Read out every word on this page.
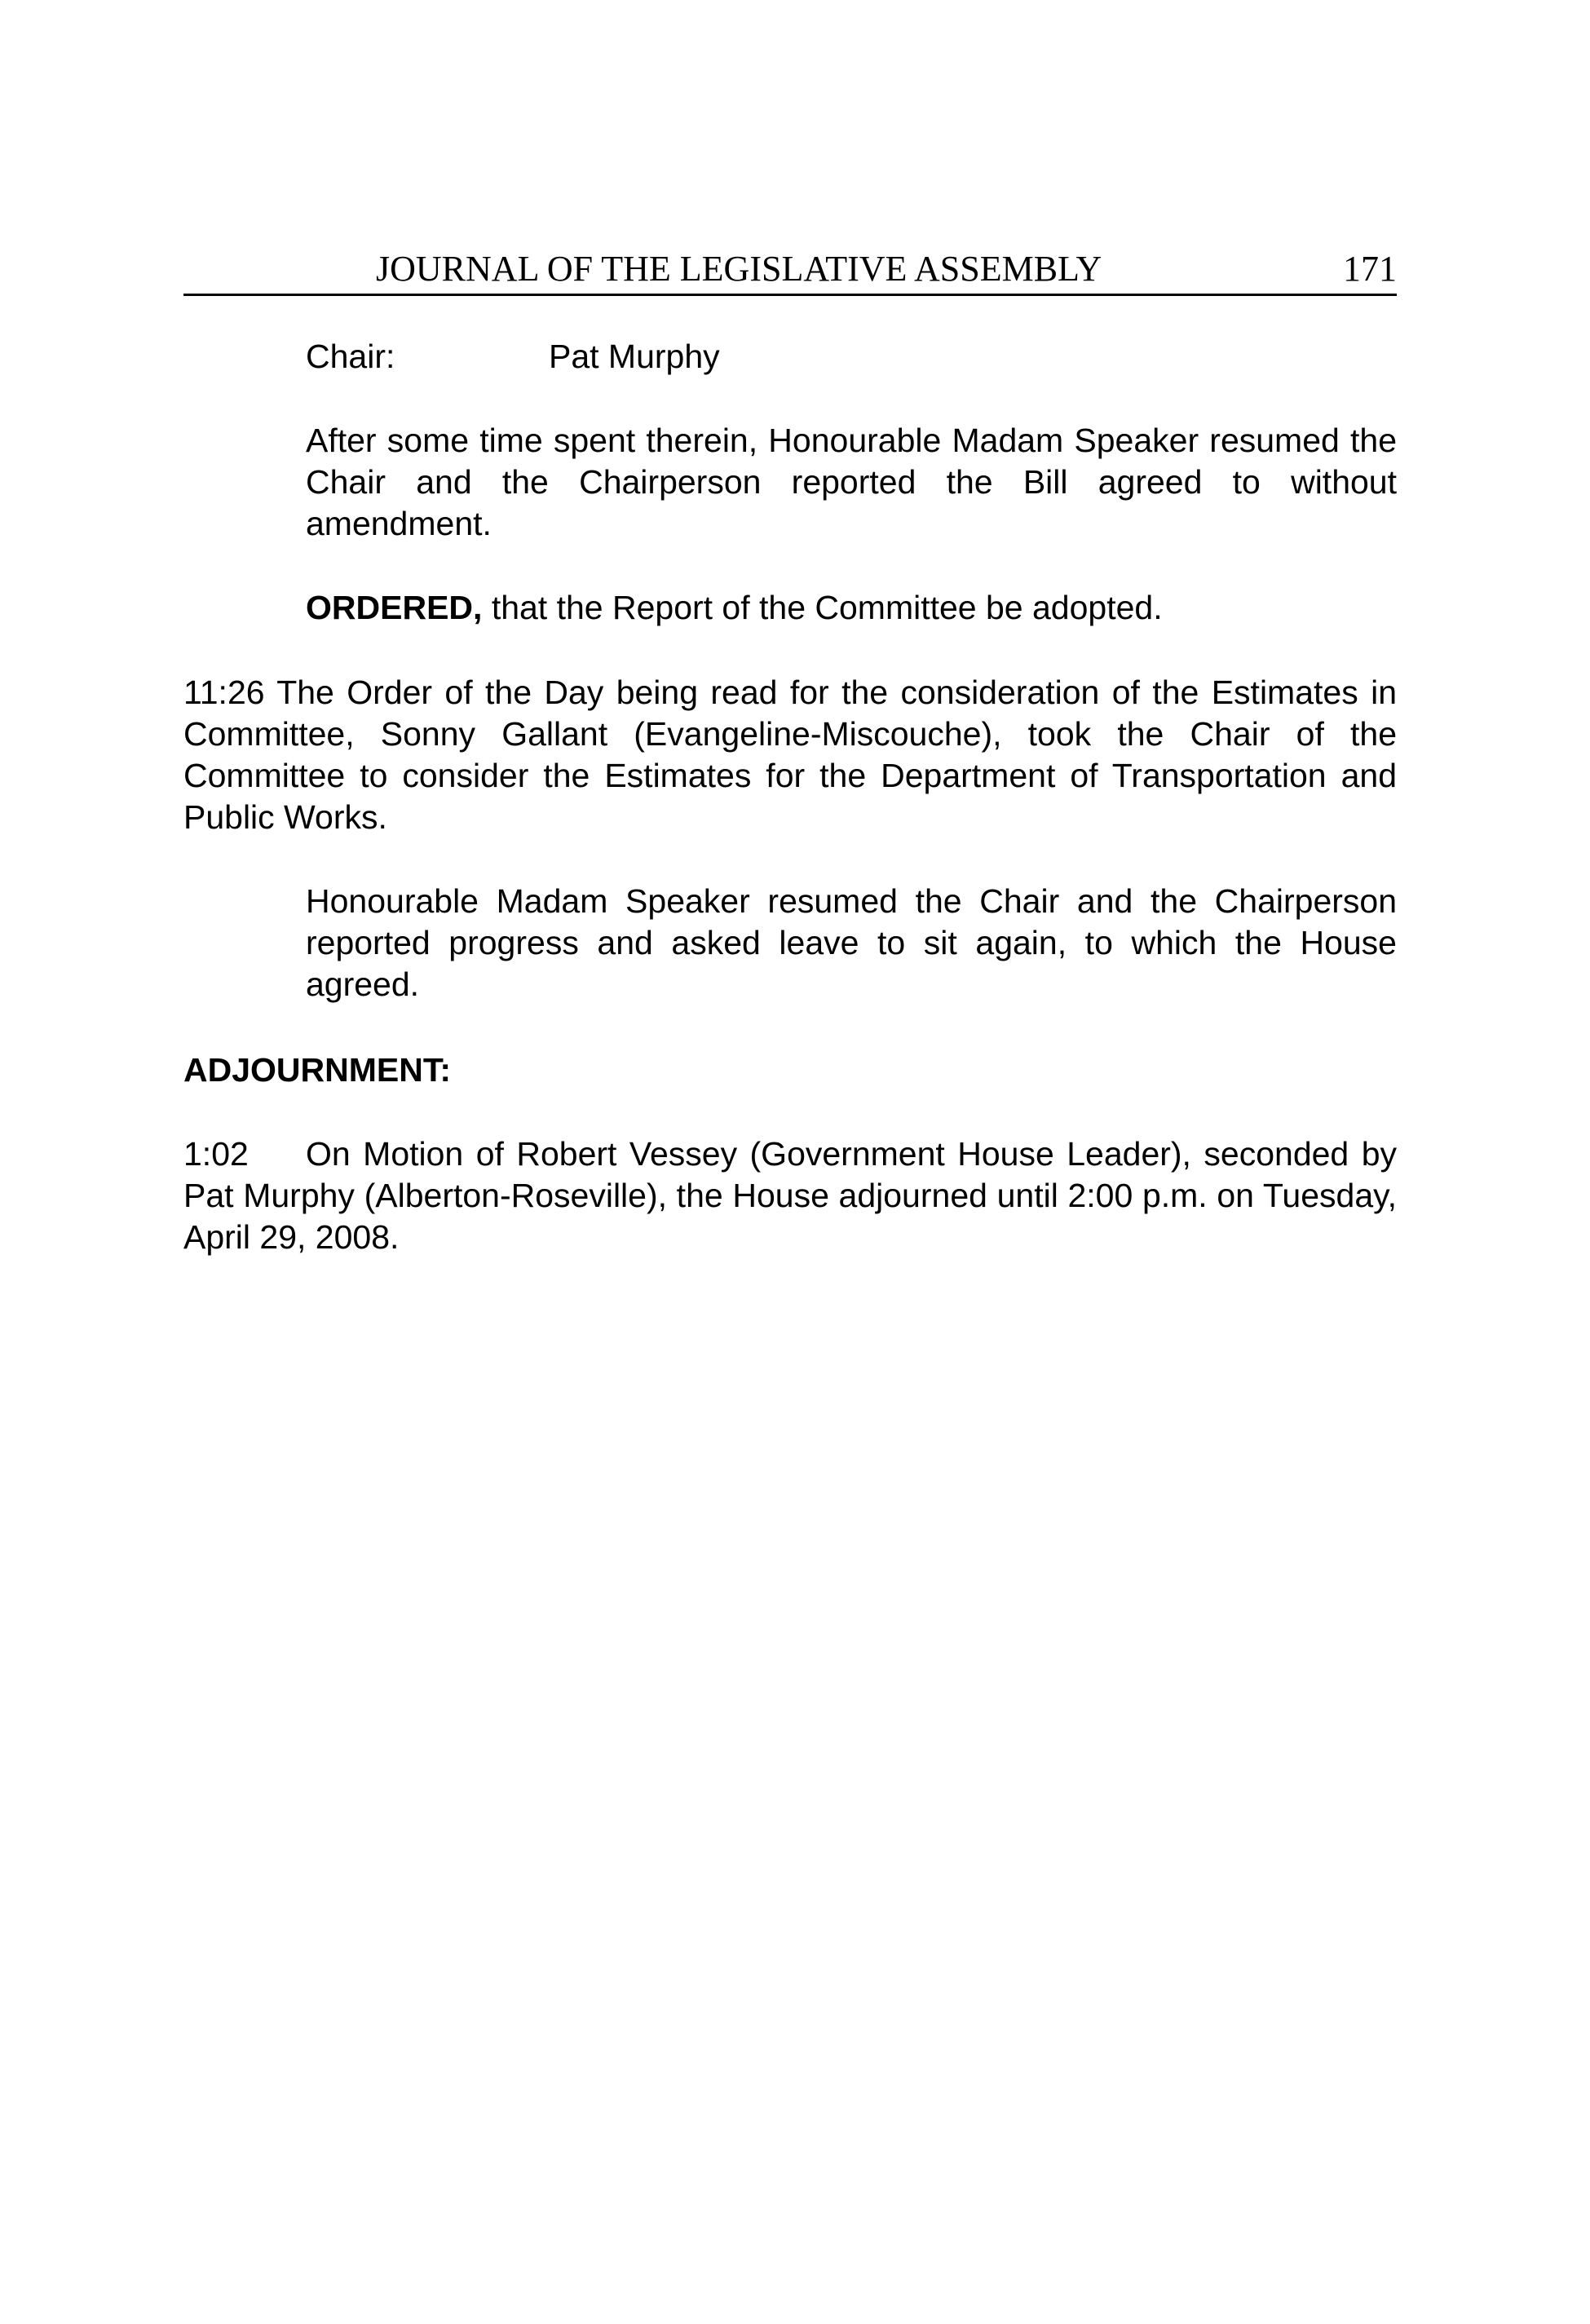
JOURNAL OF THE LEGISLATIVE ASSEMBLY	171
Chair:	Pat Murphy
After some time spent therein, Honourable Madam Speaker resumed the Chair and the Chairperson reported the Bill agreed to without amendment.
ORDERED, that the Report of the Committee be adopted.
11:26 The Order of the Day being read for the consideration of the Estimates in Committee, Sonny Gallant (Evangeline-Miscouche), took the Chair of the Committee to consider the Estimates for the Department of Transportation and Public Works.
Honourable Madam Speaker resumed the Chair and the Chairperson reported progress and asked leave to sit again, to which the House agreed.
ADJOURNMENT:
1:02 On Motion of Robert Vessey (Government House Leader), seconded by Pat Murphy (Alberton-Roseville), the House adjourned until 2:00 p.m. on Tuesday, April 29, 2008.
